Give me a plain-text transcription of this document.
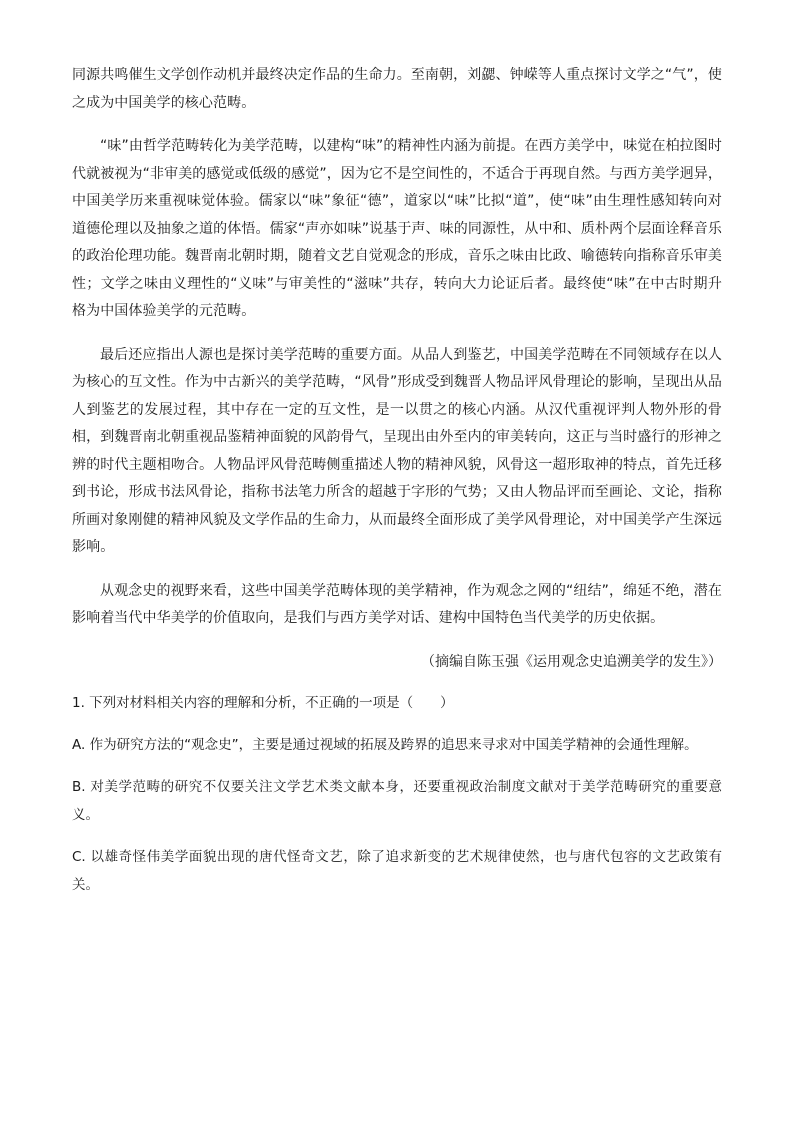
同源共鸣催生文学创作动机并最终决定作品的生命力。至南朝，刘勰、钟嵘等人重点探讨文学之“气”，使之成为中国美学的核心范畴。

“味”由哲学范畴转化为美学范畴，以建构“味”的精神性内涵为前提。在西方美学中，味觉在柏拉图时代就被视为“非审美的感觉或低级的感觉”，因为它不是空间性的，不适合于再现自然。与西方美学迥异，中国美学历来重视味觉体验。儒家以“味”象征“德”，道家以“味”比拟“道”，使“味”由生理性感知转向对道德伦理以及抽象之道的体悟。儒家“声亦如味”说基于声、味的同源性，从中和、质朴两个层面诠释音乐的政治伦理功能。魏晋南北朝时期，随着文艺自觉观念的形成，音乐之味由比政、喻德转向指称音乐审美性；文学之味由义理性的“义味”与审美性的“滋味”共存，转向大力论证后者。最终使“味”在中古时期升格为中国体验美学的元范畴。

最后还应指出人源也是探讨美学范畴的重要方面。从品人到鉴艺，中国美学范畴在不同领域存在以人为核心的互文性。作为中古新兴的美学范畴，“风骨”形成受到魏晋人物品评风骨理论的影响，呈现出从品人到鉴艺的发展过程，其中存在一定的互文性，是一以贯之的核心内涵。从汉代重视评判人物外形的骨相，到魏晋南北朝重视品鉴精神面貌的风韵骨气，呈现出由外至内的审美转向，这正与当时盛行的形神之辨的时代主题相吻合。人物品评风骨范畴侧重描述人物的精神风貌，风骨这一超形取神的特点，首先迁移到书论，形成书法风骨论，指称书法笔力所含的超越于字形的气势；又由人物品评而至画论、文论，指称所画对象刚健的精神风貌及文学作品的生命力，从而最终全面形成了美学风骨理论，对中国美学产生深远影响。

从观念史的视野来看，这些中国美学范畴体现的美学精神，作为观念之网的“纽结”，绵延不绝，潜在影响着当代中华美学的价值取向，是我们与西方美学对话、建构中国特色当代美学的历史依据。

（摘编自陈玉强《运用观念史追溯美学的发生》）

1. 下列对材料相关内容的理解和分析，不正确的一项是（　　）

A. 作为研究方法的“观念史”，主要是通过视域的拓展及跨界的追思来寻求对中国美学精神的会通性理解。

B. 对美学范畴的研究不仅要关注文学艺术类文献本身，还要重视政治制度文献对于美学范畴研究的重要意义。

C. 以雄奇怪伟美学面貌出现的唐代怪奇文艺，除了追求新变的艺术规律使然，也与唐代包容的文艺政策有关。
